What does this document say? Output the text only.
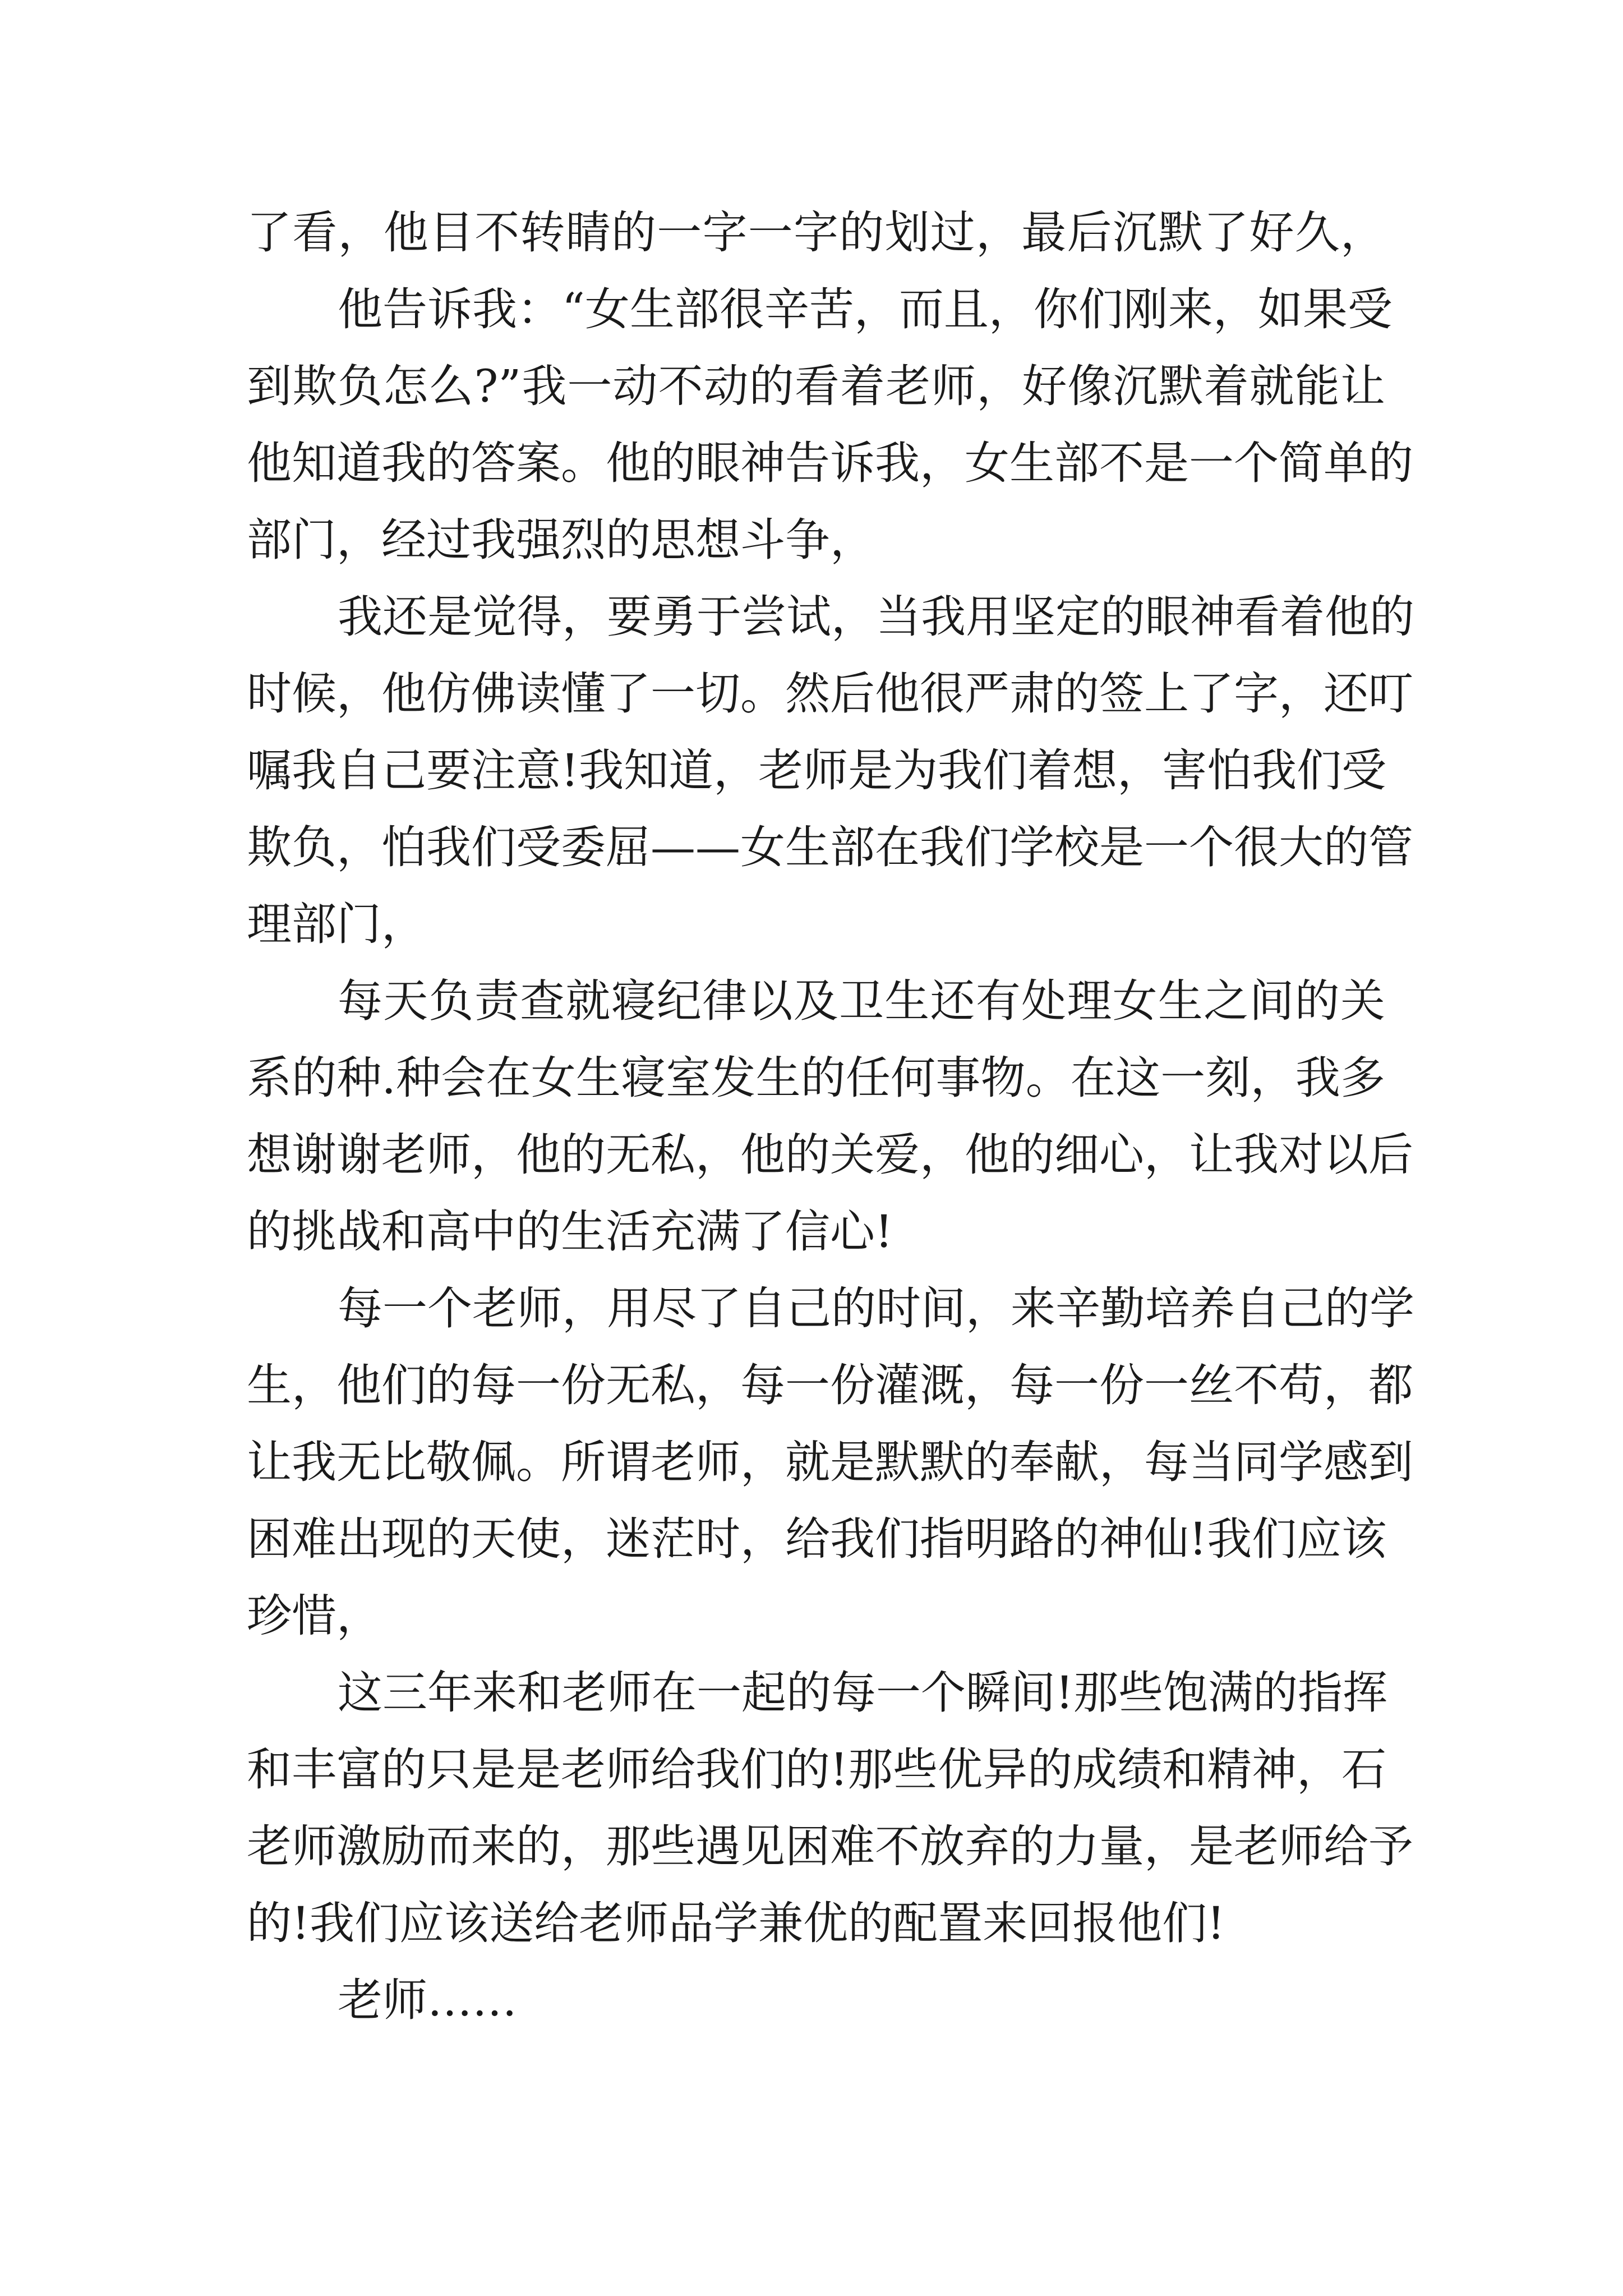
了看，他目不转睛的一字一字的划过，最后沉默了好久，
他告诉我：“女生部很辛苦，而且，你们刚来，如果受
到欺负怎么?”我一动不动的看着老师，好像沉默着就能让
他知道我的答案。他的眼神告诉我，女生部不是一个简单的
部门，经过我强烈的思想斗争，
我还是觉得，要勇于尝试，当我用坚定的眼神看着他的
时候，他仿佛读懂了一切。然后他很严肃的签上了字，还叮
嘱我自己要注意!我知道，老师是为我们着想，害怕我们受
欺负，怕我们受委屈——女生部在我们学校是一个很大的管
理部门，
每天负责查就寝纪律以及卫生还有处理女生之间的关
系的种.种会在女生寝室发生的任何事物。在这一刻，我多
想谢谢老师，他的无私，他的关爱，他的细心，让我对以后
的挑战和高中的生活充满了信心!
每一个老师，用尽了自己的时间，来辛勤培养自己的学
生，他们的每一份无私，每一份灌溉，每一份一丝不苟，都
让我无比敬佩。所谓老师，就是默默的奉献，每当同学感到
困难出现的天使，迷茫时，给我们指明路的神仙!我们应该
珍惜，
这三年来和老师在一起的每一个瞬间!那些饱满的指挥
和丰富的只是是老师给我们的!那些优异的成绩和精神，石
老师激励而来的，那些遇见困难不放弃的力量，是老师给予
的!我们应该送给老师品学兼优的配置来回报他们!
老师……
